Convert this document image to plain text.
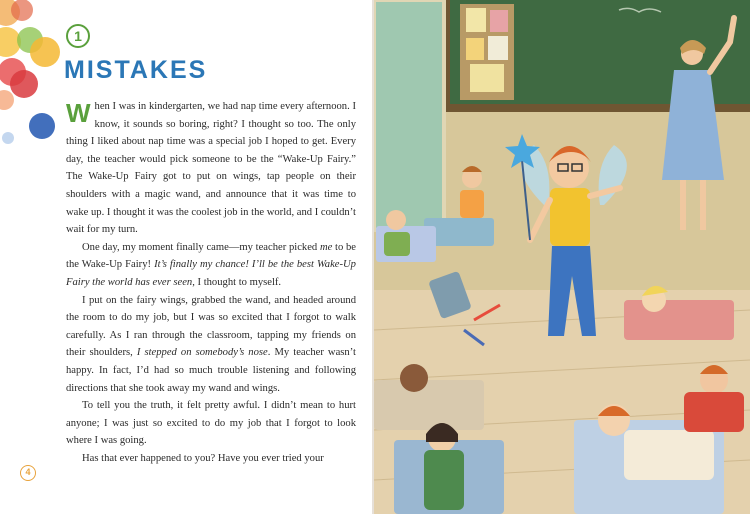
1
MISTAKES

When I was in kindergarten, we had nap time every afternoon. I know, it sounds so boring, right? I thought so too. The only thing I liked about nap time was a special job I hoped to get. Every day, the teacher would pick someone to be the “Wake-Up Fairy.” The Wake-Up Fairy got to put on wings, tap people on their shoulders with a magic wand, and announce that it was time to wake up. I thought it was the coolest job in the world, and I couldn’t wait for my turn.

One day, my moment finally came—my teacher picked me to be the Wake-Up Fairy! It’s finally my chance! I’ll be the best Wake-Up Fairy the world has ever seen, I thought to myself.

I put on the fairy wings, grabbed the wand, and headed around the room to do my job, but I was so excited that I forgot to walk carefully. As I ran through the classroom, tapping my friends on their shoulders, I stepped on somebody’s nose. My teacher wasn’t happy. In fact, I’d had so much trouble listening and following directions that she took away my wand and wings.

To tell you the truth, it felt pretty awful. I didn’t mean to hurt anyone; I was just so excited to do my job that I forgot to look where I was going.

Has that ever happened to you? Have you ever tried your

4
